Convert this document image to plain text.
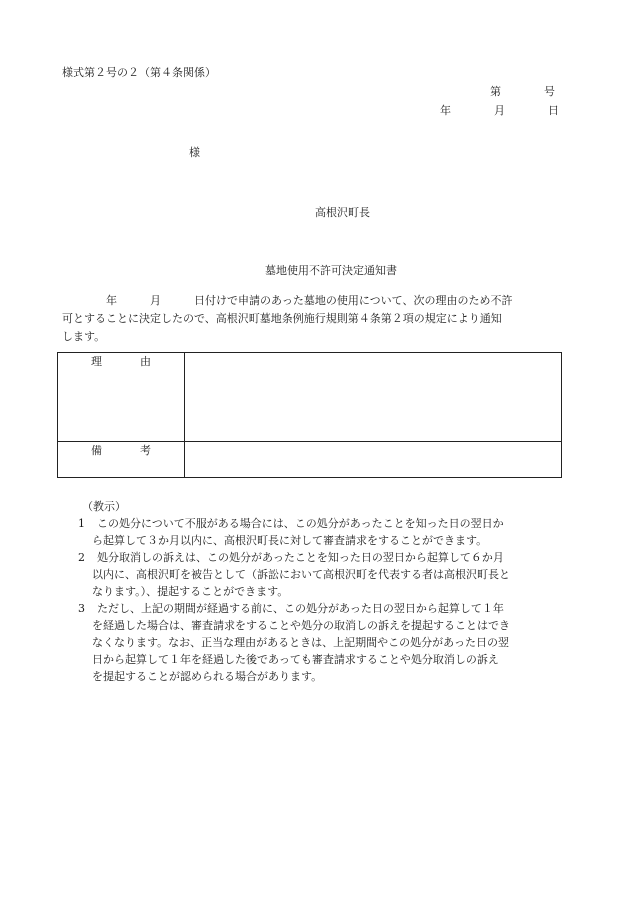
様式第２号の２（第４条関係）
第	号
年	月	日
様
高根沢町長
墓地使用不許可決定通知書
年　　　月　　　日付けで申請のあった墓地の使用について、次の理由のため不許
可とすることに決定したので、高根沢町墓地条例施行規則第４条第２項の規定により通知
します。
理　由	
備　考	
（教示）
1 この処分について不服がある場合には、この処分があったことを知った日の翌日か
ら起算して３か月以内に、高根沢町長に対して審査請求をすることができます。
2 処分取消しの訴えは、この処分があったことを知った日の翌日から起算して６か月
以内に、高根沢町を被告として（訴訟において高根沢町を代表する者は高根沢町長と
なります。）、提起することができます。
3 ただし、上記の期間が経過する前に、この処分があった日の翌日から起算して１年
を経過した場合は、審査請求をすることや処分の取消しの訴えを提起することはでき
なくなります。なお、正当な理由があるときは、上記期間やこの処分があった日の翌
日から起算して１年を経過した後であっても審査請求することや処分取消しの訴え
を提起することが認められる場合があります。
